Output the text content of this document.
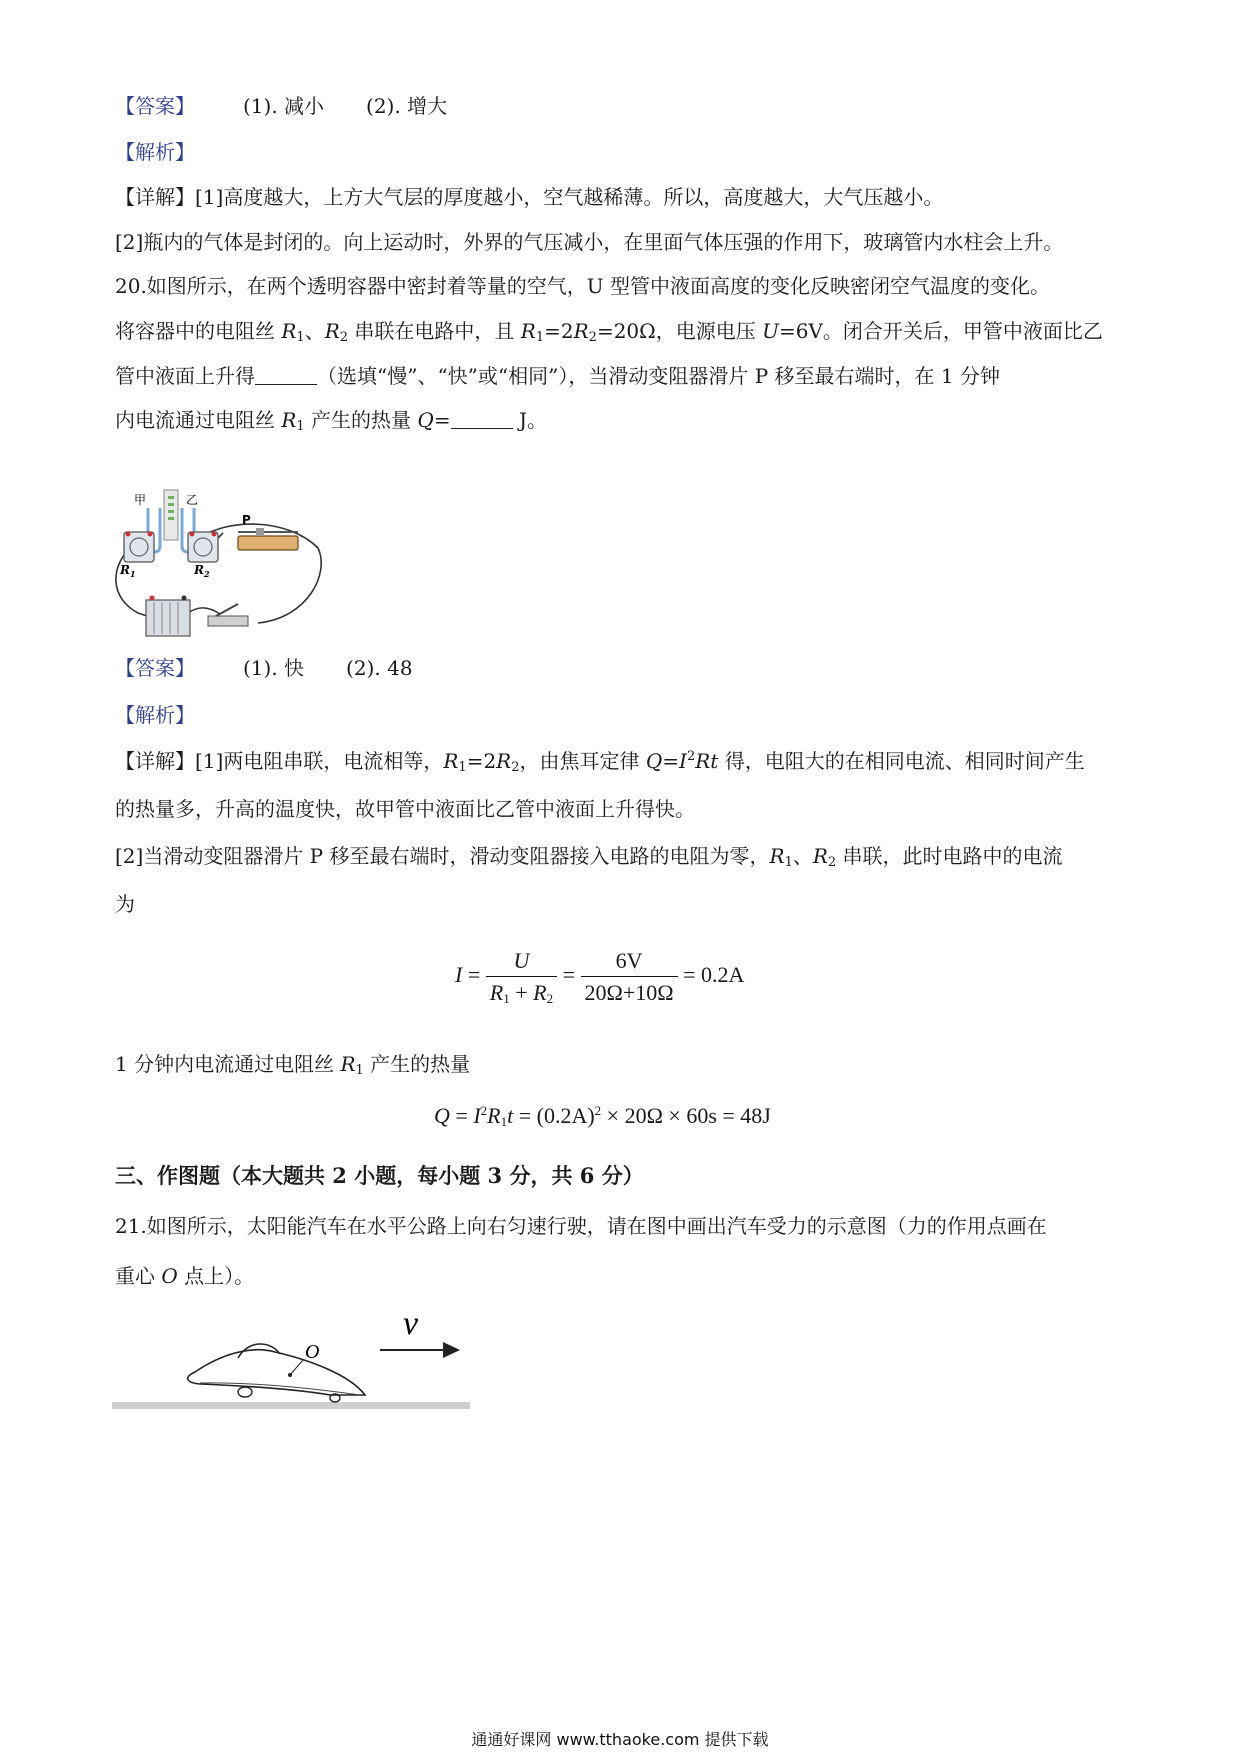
【答案】 (1). 减小 (2). 增大
【解析】
【详解】[1]高度越大，上方大气层的厚度越小，空气越稀薄。所以，高度越大，大气压越小。
[2]瓶内的气体是封闭的。向上运动时，外界的气压减小，在里面气体压强的作用下，玻璃管内水柱会上升。
20.如图所示，在两个透明容器中密封着等量的空气，U 型管中液面高度的变化反映密闭空气温度的变化。
将容器中的电阻丝 $R_1$、$R_2$ 串联在电路中，且 $R_1=2R_2=20\Omega$，电源电压 U=6V。闭合开关后，甲管中液面比乙
管中液面上升得	（选填“慢”、“快”或“相同”），当滑动变阻器滑片 P 移至最右端时，在 1 分钟
内电流通过电阻丝 $R_1$ 产生的热量 Q=	J。
甲	乙
P
$R_1$	$R_2$
【答案】 (1). 快 (2). 48
【解析】
【详解】[1]两电阻串联，电流相等，$R_1=2R_2$，由焦耳定律 $Q=I^2Rt$ 得，电阻大的在相同电流、相同时间产生
的热量多，升高的温度快，故甲管中液面比乙管中液面上升得快。
[2]当滑动变阻器滑片 P 移至最右端时，滑动变阻器接入电路的电阻为零，$R_1$、$R_2$ 串联，此时电路中的电流
为
$I = \frac{U}{R_1 + R_2} = \frac{6V}{20\Omega+10\Omega} = 0.2A$
1 分钟内电流通过电阻丝 $R_1$ 产生的热量
$Q = I^2R_1t = (0.2A)^2 \times 20\Omega \times 60s = 48J$
三、作图题（本大题共 2 小题，每小题 3 分，共 6 分）
21.如图所示，太阳能汽车在水平公路上向右匀速行驶，请在图中画出汽车受力的示意图（力的作用点画在
重心 O 点上）。
O
v
通通好课网 www.tthaoke.com 提供下载
